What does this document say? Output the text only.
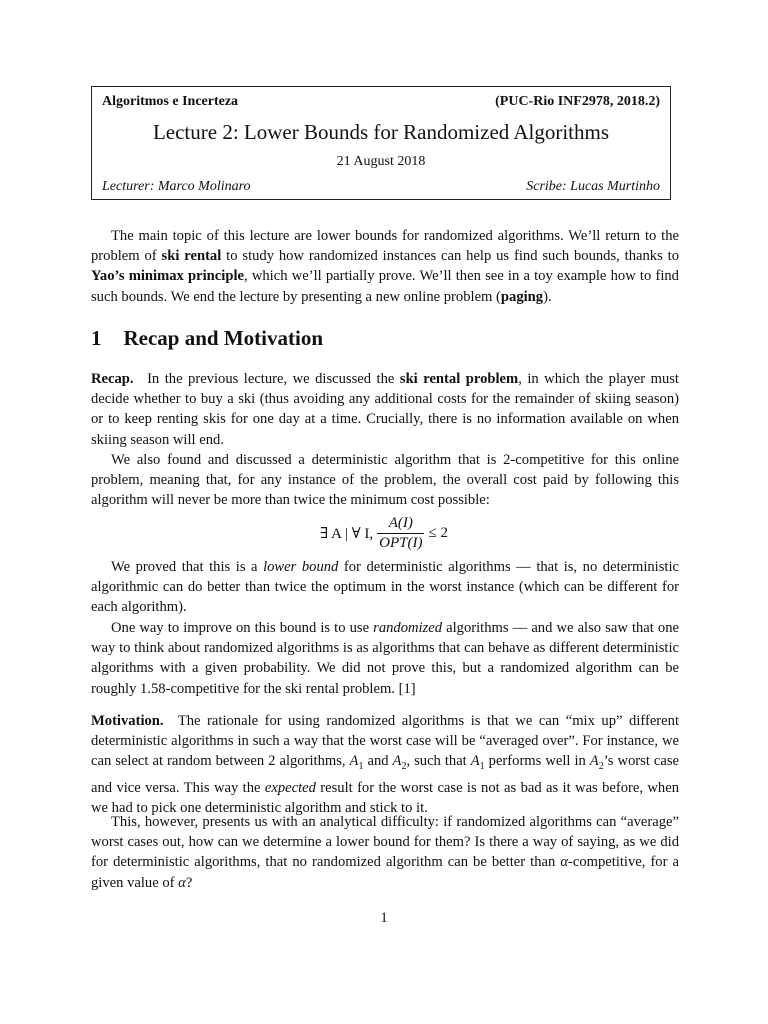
Algoritmos e Incerteza	(PUC-Rio INF2978, 2018.2)
Lecture 2: Lower Bounds for Randomized Algorithms
21 August 2018
Lecturer: Marco Molinaro	Scribe: Lucas Murtinho

The main topic of this lecture are lower bounds for randomized algorithms. We’ll return to the problem of ski rental to study how randomized instances can help us find such bounds, thanks to Yao’s minimax principle, which we’ll partially prove. We’ll then see in a toy example how to find such bounds. We end the lecture by presenting a new online problem (paging).

1 Recap and Motivation

Recap. In the previous lecture, we discussed the ski rental problem, in which the player must decide whether to buy a ski (thus avoiding any additional costs for the remainder of skiing season) or to keep renting skis for one day at a time. Crucially, there is no information available on when skiing season will end.

We also found and discussed a deterministic algorithm that is 2-competitive for this online problem, meaning that, for any instance of the problem, the overall cost paid by following this algorithm will never be more than twice the minimum cost possible:

∃ A | ∀ I, $\frac{A(I)}{\text{OPT(I)}} \le 2$

We proved that this is a lower bound for deterministic algorithms — that is, no deterministic algorithmic can do better than twice the optimum in the worst instance (which can be different for each algorithm).

One way to improve on this bound is to use randomized algorithms — and we also saw that one way to think about randomized algorithms is as algorithms that can behave as different deterministic algorithms with a given probability. We did not prove this, but a randomized algorithm can be roughly 1.58-competitive for the ski rental problem. [1]

Motivation. The rationale for using randomized algorithms is that we can “mix up” different deterministic algorithms in such a way that the worst case will be “averaged over”. For instance, we can select at random between 2 algorithms, $A_1$ and $A_2$, such that $A_1$ performs well in $A_2’s$ worst case and vice versa. This way the expected result for the worst case is not as bad as it was before, when we had to pick one deterministic algorithm and stick to it.

This, however, presents us with an analytical difficulty: if randomized algorithms can “average” worst cases out, how can we determine a lower bound for them? Is there a way of saying, as we did for deterministic algorithms, that no randomized algorithm can be better than α-competitive, for a given value of α?

1
